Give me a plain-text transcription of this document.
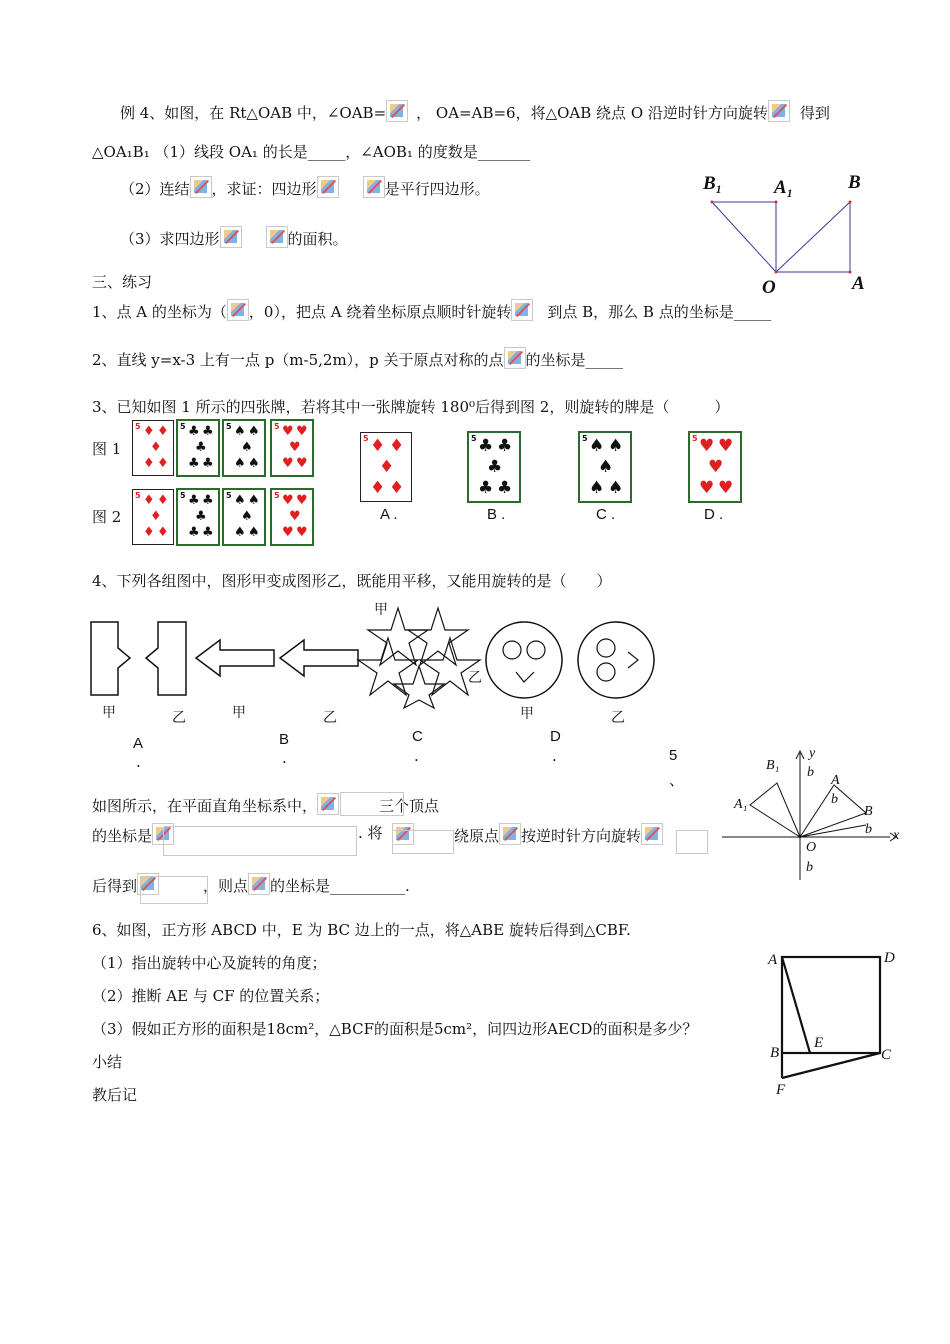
例 4、如图，在 Rt△OAB 中，∠OAB= ， OA=AB=6，将△OAB 绕点 O 沿逆时针方向旋转 得到
△OA₁B₁ （1）线段 OA₁ 的长是_____，∠AOB₁ 的度数是_______
（2）连结 ，求证：四边形	是平行四边形。
（3）求四边形	的面积。
B₁	A₁	B
O	A
三、练习
1、点 A 的坐标为（ ，0），把点 A 绕着坐标原点顺时针旋转 到点 B，那么 B 点的坐标是_____
2、直线 y=x-3 上有一点 p（m-5,2m），p 关于原点对称的点 的坐标是_____
3、已知如图 1 所示的四张牌，若将其中一张牌旋转 180⁰后得到图 2，则旋转的牌是（　　　）
图 1
图 2
5 ♦ ♦
♦
♦ ♦
5 ♣ ♣
♣
♣ ♣
5 ♠ ♠
♠
♠ ♠
5 ♥ ♥
♥
♥ ♥
5 ♦ ♦
♦
♦ ♦
5 ♣ ♣
♣
♣ ♣
5 ♠ ♠
♠
♠ ♠
5 ♥ ♥
♥
♥ ♥
5 ♦ ♦
♦
♦ ♦
5 ♣ ♣
♣
♣ ♣
5 ♠ ♠
♠
♠ ♠
5 ♥ ♥
♥
♥ ♥
A .	B .	C .	D .
4、下列各组图中，图形甲变成图形乙，既能用平移，又能用旋转的是（　　）
甲
乙
甲	乙	甲	乙	甲	乙
A
.
B
.
C
.
D
.	5
、
如图所示，在平面直角坐标系中，	三个顶点
的坐标是	. 将	绕原点 按逆时针方向旋转
后得到	，则点 的坐标是__________.
y
b
B₁
A
b
A₁	B
b x
O
b
6、如图，正方形 ABCD 中，E 为 BC 边上的一点，将△ABE 旋转后得到△CBF.
（1）指出旋转中心及旋转的角度；
（2）推断 AE 与 CF 的位置关系；
（3）假如正方形的面积是18cm²，△BCF的面积是5cm²，问四边形AECD的面积是多少？
小结
教后记
A	D
B
E
C
F
